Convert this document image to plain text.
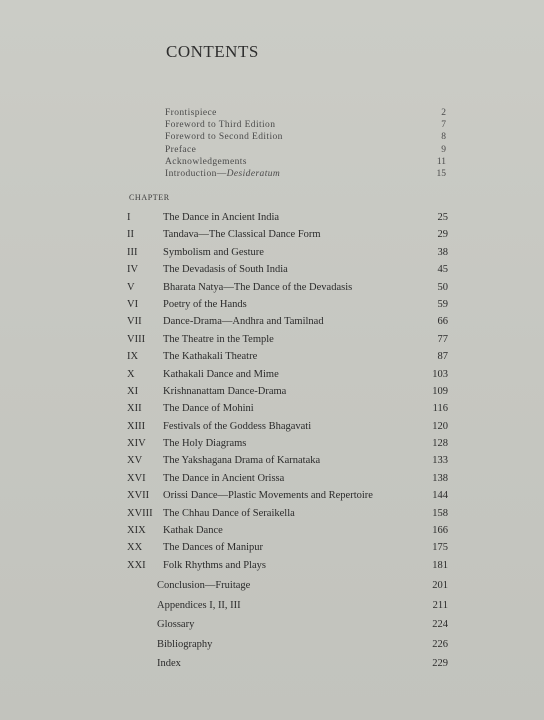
CONTENTS
Frontispiece	2
Foreword to Third Edition	7
Foreword to Second Edition	8
Preface	9
Acknowledgements	11
Introduction—Desideratum	15
CHAPTER
I	The Dance in Ancient India	25
II	Tandava—The Classical Dance Form	29
III Symbolism and Gesture	38
IV The Devadasis of South India	45
V	Bharata Natya—The Dance of the Devadasis	50
VI Poetry of the Hands	59
VII Dance-Drama—Andhra and Tamilnad	66
VIII The Theatre in the Temple	77
IX The Kathakali Theatre	87
X	Kathakali Dance and Mime	103
XI Krishnanattam Dance-Drama	109
XII The Dance of Mohini	116
XIII Festivals of the Goddess Bhagavati	120
XIV The Holy Diagrams	128
XV The Yakshagana Drama of Karnataka	133
XVI The Dance in Ancient Orissa	138
XVII Orissi Dance—Plastic Movements and Repertoire	144
XVIII The Chhau Dance of Seraikella	158
XIX Kathak Dance	166
XX The Dances of Manipur	175
XXI Folk Rhythms and Plays	181
Conclusion—Fruitage	201
Appendices I, II, III	211
Glossary	224
Bibliography	226
Index	229
